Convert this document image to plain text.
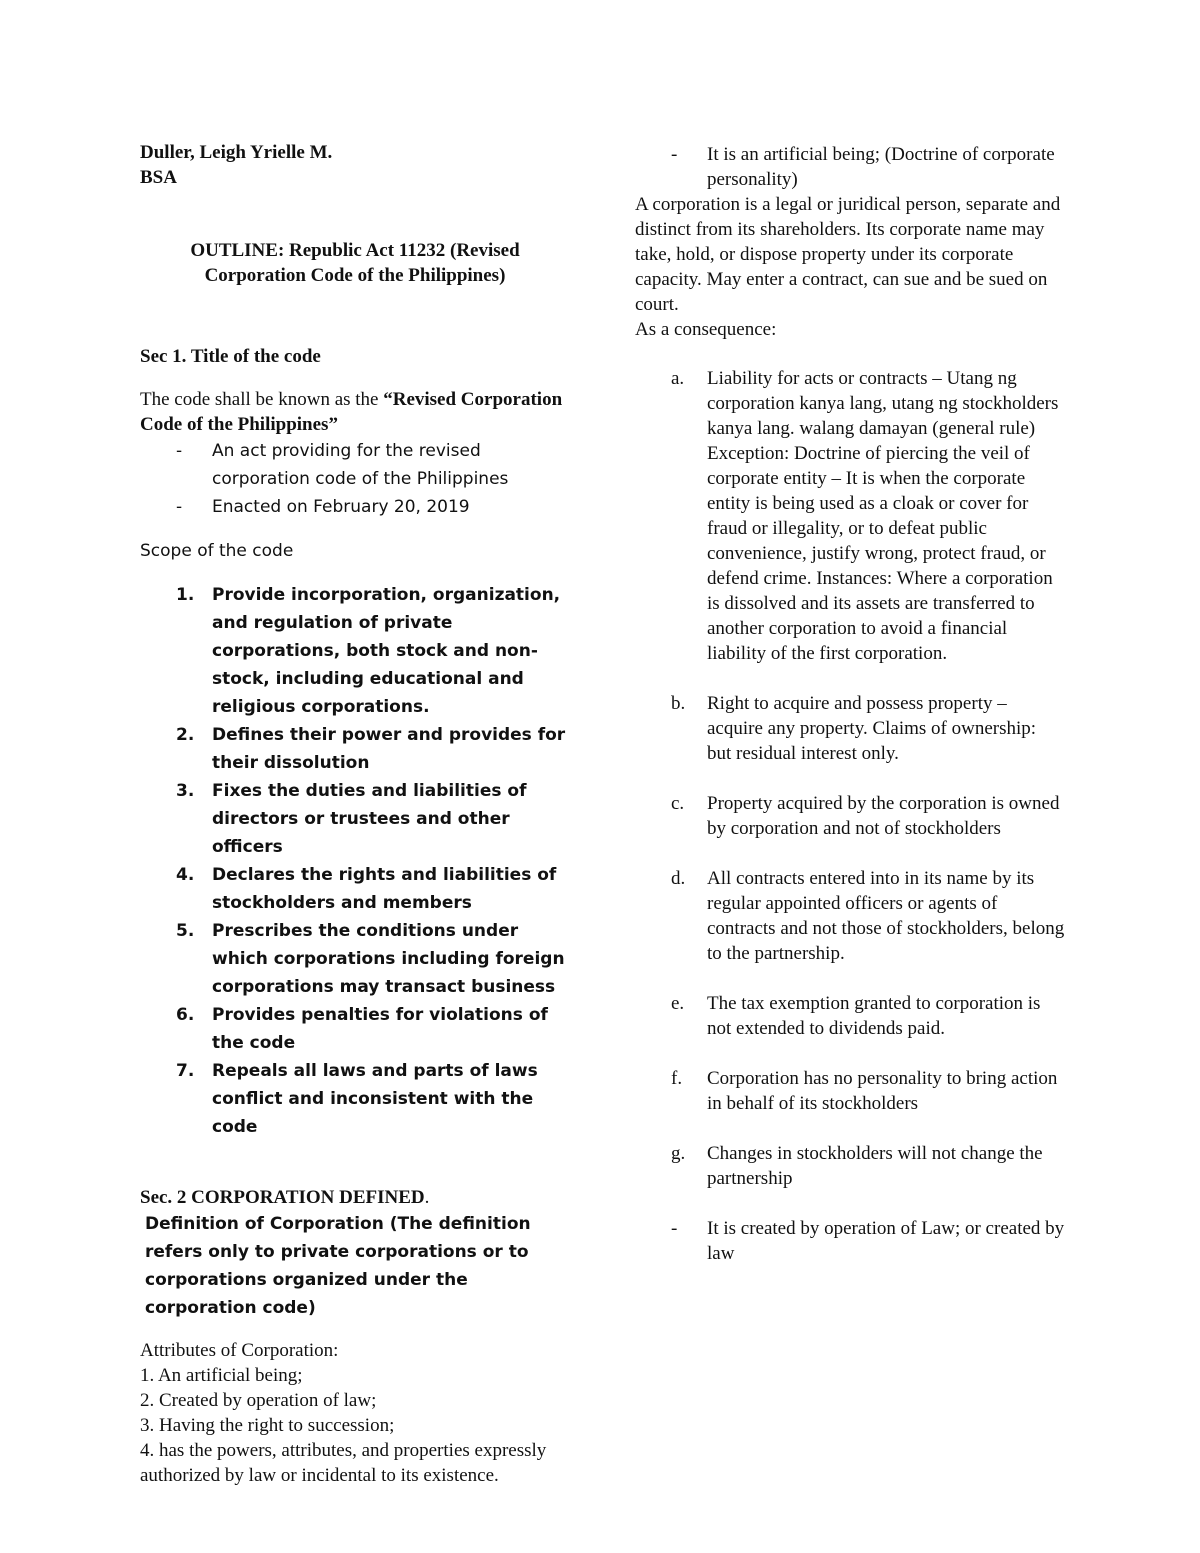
Duller, Leigh Yrielle M.
BSA
OUTLINE: Republic Act 11232 (Revised
Corporation Code of the Philippines)
Sec 1. Title of the code
The code shall be known as the “Revised Corporation Code of the Philippines”
- An act providing for the revised corporation code of the Philippines
- Enacted on February 20, 2019
Scope of the code
1. Provide incorporation, organization, and regulation of private corporations, both stock and non-stock, including educational and religious corporations.
2. Defines their power and provides for their dissolution
3. Fixes the duties and liabilities of directors or trustees and other officers
4. Declares the rights and liabilities of stockholders and members
5. Prescribes the conditions under which corporations including foreign corporations may transact business
6. Provides penalties for violations of the code
7. Repeals all laws and parts of laws conflict and inconsistent with the code
Sec. 2 CORPORATION DEFINED.
Definition of Corporation (The definition refers only to private corporations or to corporations organized under the corporation code)
Attributes of Corporation:
1. An artificial being;
2. Created by operation of law;
3. Having the right to succession;
4. has the powers, attributes, and properties expressly authorized by law or incidental to its existence.
- It is an artificial being; (Doctrine of corporate personality)
A corporation is a legal or juridical person, separate and distinct from its shareholders. Its corporate name may take, hold, or dispose property under its corporate capacity. May enter a contract, can sue and be sued on court.
As a consequence:
a. Liability for acts or contracts – Utang ng corporation kanya lang, utang ng stockholders kanya lang. walang damayan (general rule) Exception: Doctrine of piercing the veil of corporate entity – It is when the corporate entity is being used as a cloak or cover for fraud or illegality, or to defeat public convenience, justify wrong, protect fraud, or defend crime. Instances: Where a corporation is dissolved and its assets are transferred to another corporation to avoid a financial liability of the first corporation.
b. Right to acquire and possess property – acquire any property. Claims of ownership: but residual interest only.
c. Property acquired by the corporation is owned by corporation and not of stockholders
d. All contracts entered into in its name by its regular appointed officers or agents of contracts and not those of stockholders, belong to the partnership.
e. The tax exemption granted to corporation is not extended to dividends paid.
f. Corporation has no personality to bring action in behalf of its stockholders
g. Changes in stockholders will not change the partnership
- It is created by operation of Law; or created by law
